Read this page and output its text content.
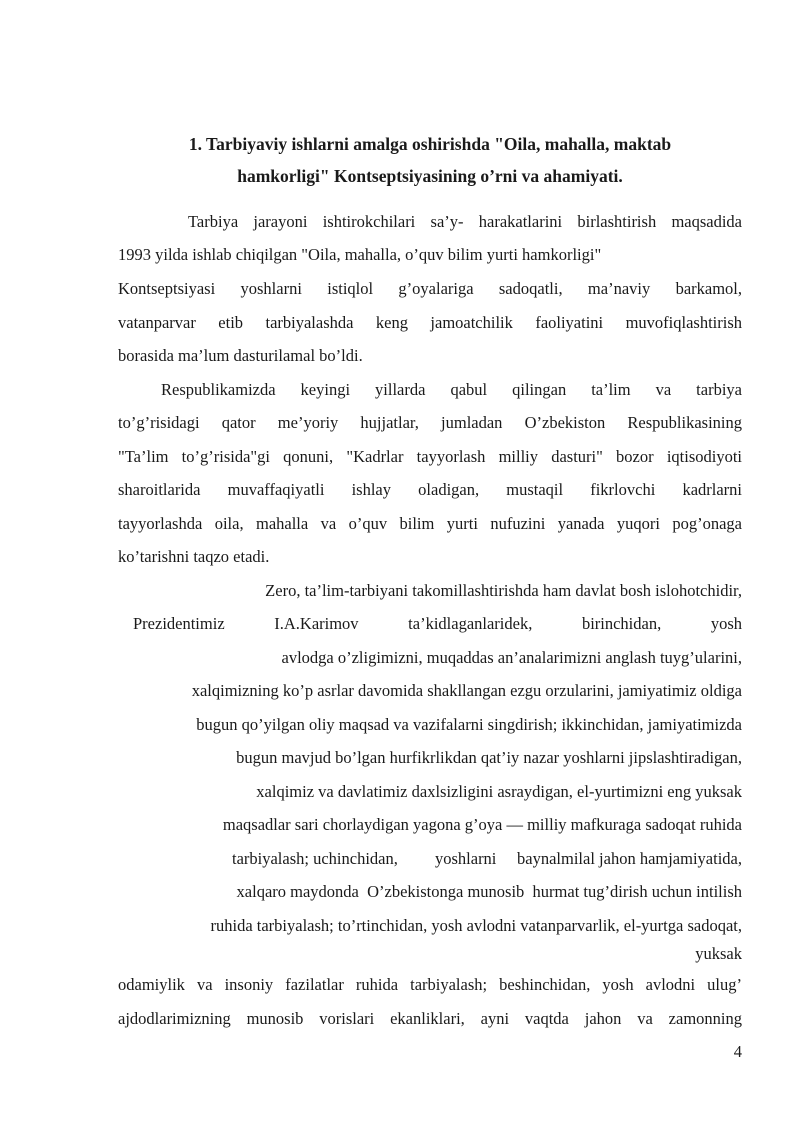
1. Tarbiyaviy ishlarni amalga oshirishda "Oila, mahalla, maktab
hamkorligi" Kontseptsiyasining o’rni va ahamiyati.
Tarbiya jarayoni ishtirokchilari sa’y- harakatlarini birlashtirish maqsadida
1993 yilda ishlab chiqilgan "Oila, mahalla, o’quv bilim yurti hamkorligi"
Kontseptsiyasi yoshlarni istiqlol g’oyalariga sadoqatli, ma’naviy barkamol,
vatanparvar etib tarbiyalashda keng jamoatchilik faoliyatini muvofiqlashtirish
borasida ma’lum dasturilamal bo’ldi.
Respublikamizda keyingi yillarda qabul qilingan ta’lim va tarbiya
to’g’risidagi qator me’yoriy hujjatlar, jumladan O’zbekiston Respublikasining
"Ta’lim to’g’risida"gi qonuni, "Kadrlar tayyorlash milliy dasturi" bozor iqtisodiyoti
sharoitlarida muvaffaqiyatli ishlay oladigan, mustaqil fikrlovchi kadrlarni
tayyorlashda oila, mahalla va o’quv bilim yurti nufuzini yanada yuqori pog’onaga
ko’tarishni taqzo etadi.
Zero, ta’lim-tarbiyani takomillashtirishda ham davlat bosh islohotchidir,
Prezidentimiz I.A.Karimov ta’kidlaganlaridek, birinchidan, yosh
avlodga o’zligimizni, muqaddas an’analarimizni anglash tuyg’ularini,
xalqimizning ko’p asrlar davomida shakllangan ezgu orzularini, jamiyatimiz oldiga
bugun qo’yilgan oliy maqsad va vazifalarni singdirish; ikkinchidan, jamiyatimizda
bugun mavjud bo’lgan hurfikrlikdan qat’iy nazar yoshlarni jipslashtiradigan,
xalqimiz va davlatimiz daxlsizligini asraydigan, el-yurtimizni eng yuksak
maqsadlar sari chorlaydigan yagona g’oya — milliy mafkuraga sadoqat ruhida
tarbiyalash; uchinchidan,         yoshlarni     baynalmilal jahon hamjamiyatida,
xalqaro maydonda  O’zbekistonga munosib  hurmat tug’dirish uchun intilish
ruhida tarbiyalash; to’rtinchidan, yosh avlodni vatanparvarlik, el-yurtga sadoqat,
yuksak
odamiylik va insoniy fazilatlar ruhida tarbiyalash; beshinchidan, yosh avlodni ulug’
ajdodlarimizning munosib vorislari ekanliklari, ayni vaqtda jahon va zamonning
4
